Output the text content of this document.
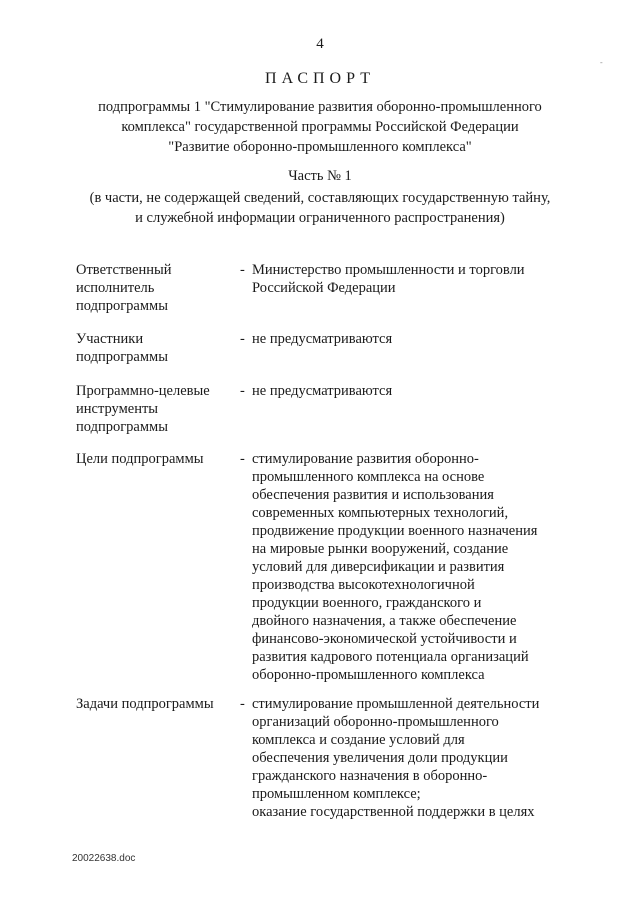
4
ПАСПОРТ
подпрограммы 1 "Стимулирование развития оборонно-промышленного
комплекса" государственной программы Российской Федерации
"Развитие оборонно-промышленного комплекса"
Часть № 1
(в части, не содержащей сведений, составляющих государственную тайну,
и служебной информации ограниченного распространения)
Ответственный
исполнитель
подпрограммы
- Министерство промышленности и торговли
Российской Федерации
Участники
подпрограммы
- не предусматриваются
Программно-целевые
инструменты
подпрограммы
- не предусматриваются
Цели подпрограммы	- стимулирование развития оборонно-
промышленного комплекса на основе
обеспечения развития и использования
современных компьютерных технологий,
продвижение продукции военного назначения
на мировые рынки вооружений, создание
условий для диверсификации и развития
производства высокотехнологичной
продукции военного, гражданского и
двойного назначения, а также обеспечение
финансово-экономической устойчивости и
развития кадрового потенциала организаций
оборонно-промышленного комплекса
Задачи подпрограммы	- стимулирование промышленной деятельности
организаций оборонно-промышленного
комплекса и создание условий для
обеспечения увеличения доли продукции
гражданского назначения в оборонно-
промышленном комплексе;
оказание государственной поддержки в целях
-
20022638.doc
